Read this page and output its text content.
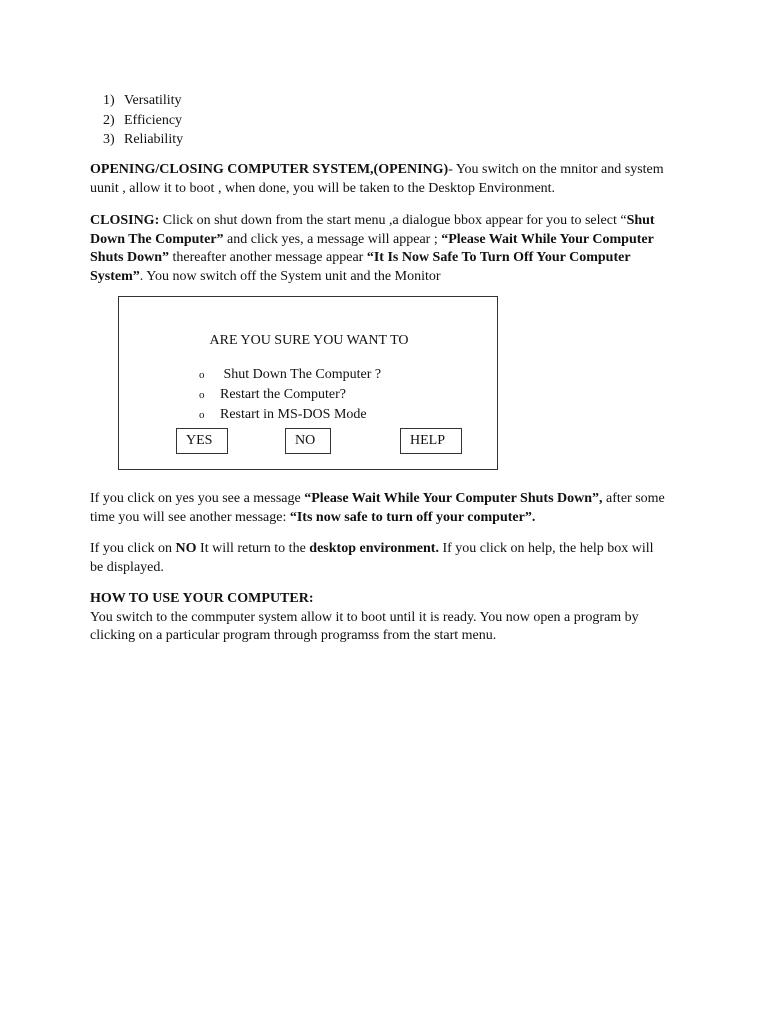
1) Versatility
2) Efficiency
3) Reliability

OPENING/CLOSING COMPUTER SYSTEM,(OPENING)- You switch on the mnitor and system uunit , allow it to boot , when done, you will be taken to the Desktop Environment.

CLOSING: Click on shut down from the start menu ,a dialogue bbox appear for you to select “Shut Down The Computer” and click yes, a message will appear ; “Please Wait While Your Computer Shuts Down” thereafter another message appear “It Is Now Safe To Turn Off Your Computer System”. You now switch off the System unit and the Monitor

ARE YOU SURE YOU WANT TO
o	Shut Down The Computer ?
o	Restart the Computer?
o	Restart in MS-DOS Mode
YES	NO	HELP

If you click on yes you see a message “Please Wait While Your Computer Shuts Down”, after some time you will see another message: “Its now safe to turn off your computer”.

If you click on NO It will return to the desktop environment. If you click on help, the help box will be displayed.

HOW TO USE YOUR COMPUTER:
You switch to the commputer system allow it to boot until it is ready. You now open a program by clicking on a particular program through programss from the start menu.
